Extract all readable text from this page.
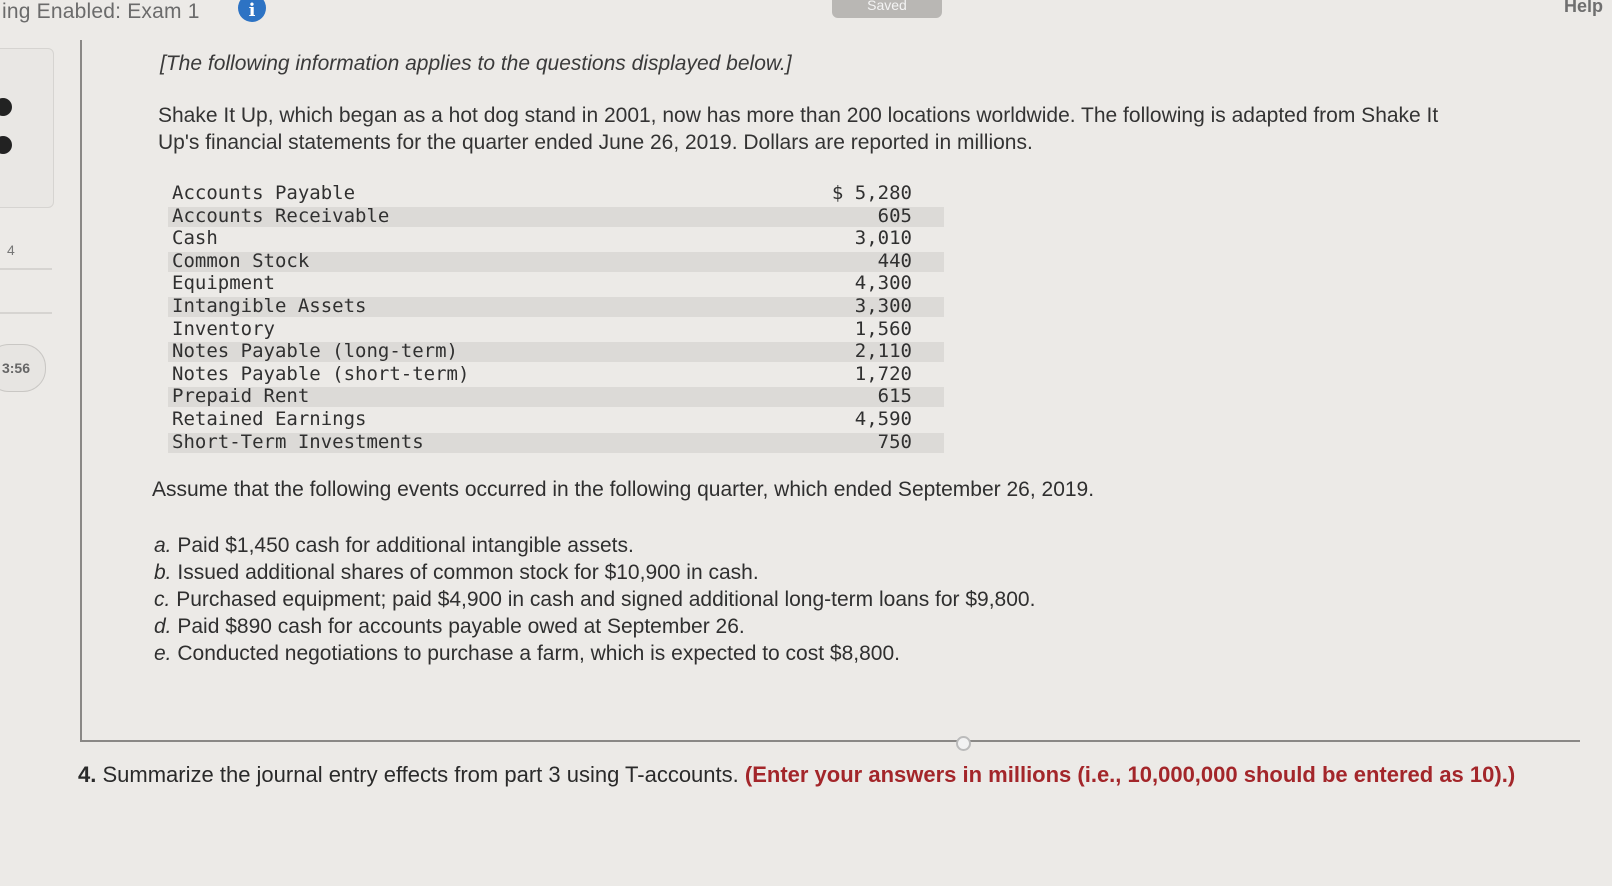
ing Enabled: Exam 1	i	Saved	Help
4
3:56
[The following information applies to the questions displayed below.]
Shake It Up, which began as a hot dog stand in 2001, now has more than 200 locations worldwide. The following is adapted from Shake It Up's financial statements for the quarter ended June 26, 2019. Dollars are reported in millions.
Accounts Payable	$ 5,280
Accounts Receivable	605
Cash	3,010
Common Stock	440
Equipment	4,300
Intangible Assets	3,300
Inventory	1,560
Notes Payable (long-term)	2,110
Notes Payable (short-term)	1,720
Prepaid Rent	615
Retained Earnings	4,590
Short-Term Investments	750
Assume that the following events occurred in the following quarter, which ended September 26, 2019.
a. Paid $1,450 cash for additional intangible assets.
b. Issued additional shares of common stock for $10,900 in cash.
c. Purchased equipment; paid $4,900 in cash and signed additional long-term loans for $9,800.
d. Paid $890 cash for accounts payable owed at September 26.
e. Conducted negotiations to purchase a farm, which is expected to cost $8,800.
4. Summarize the journal entry effects from part 3 using T-accounts. (Enter your answers in millions (i.e., 10,000,000 should be entered as 10).)
